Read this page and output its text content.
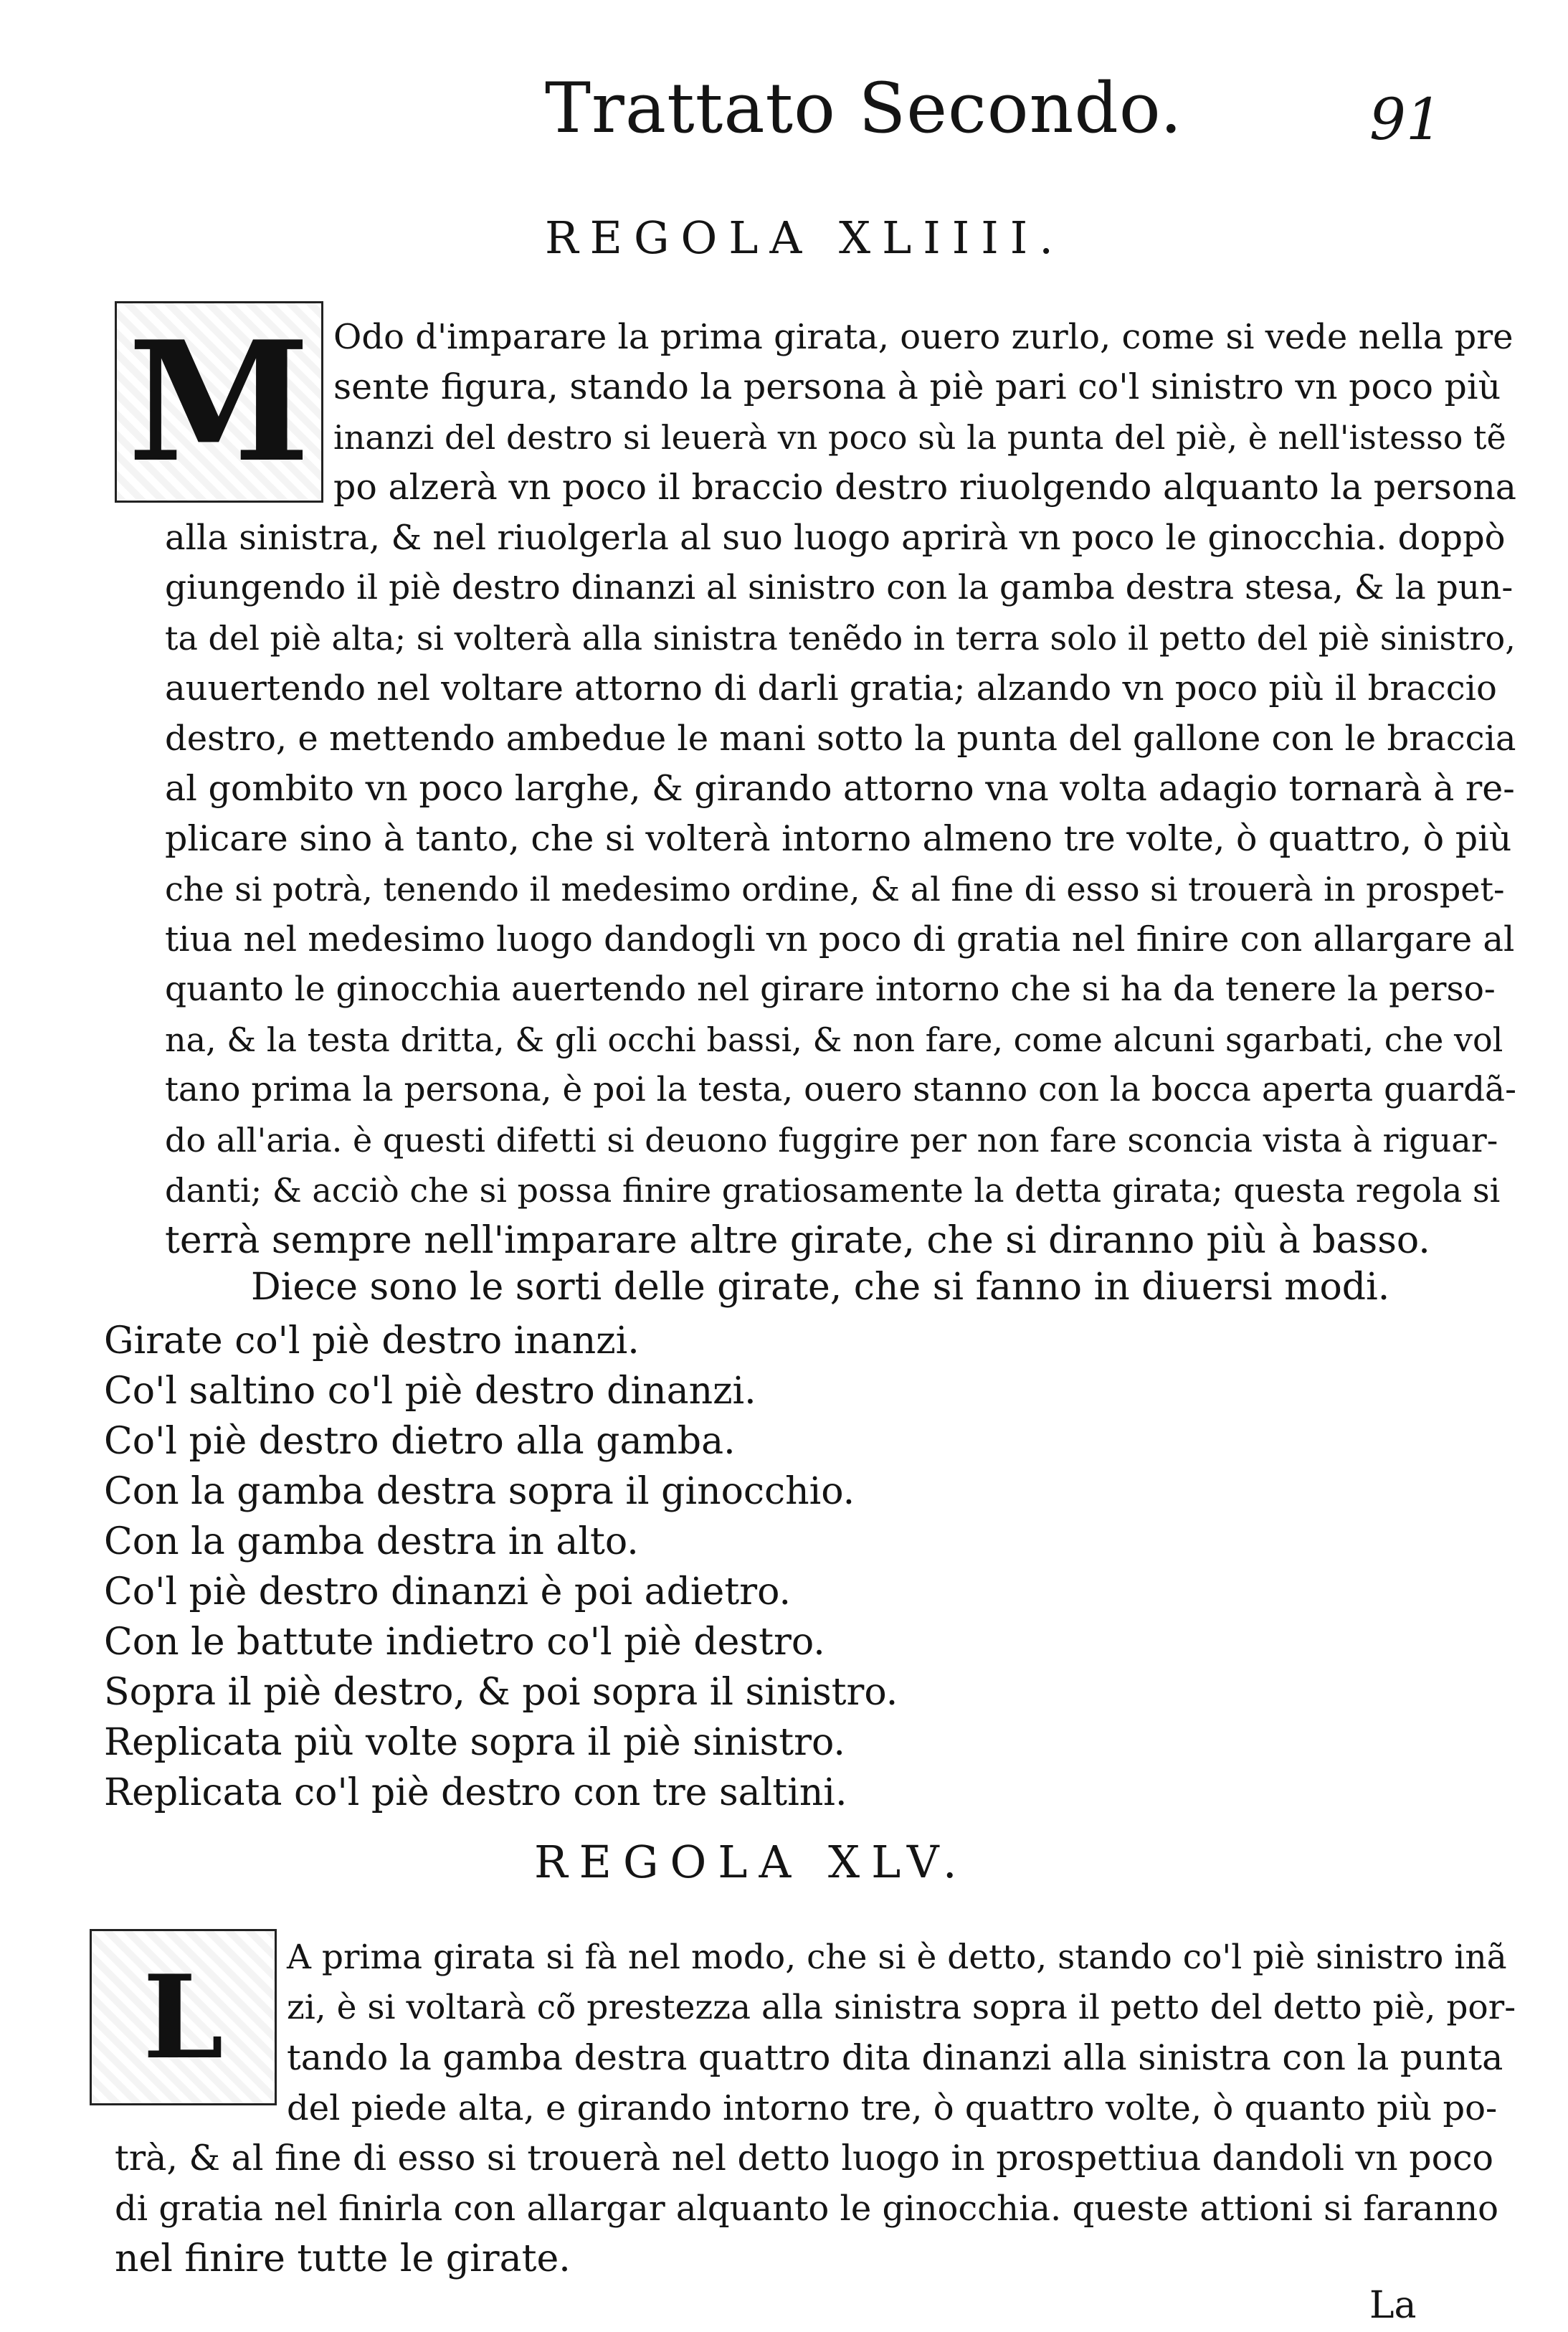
Trattato Secondo.	91
REGOLA XLIIII.
M Odo d'imparare la prima girata, ouero zurlo, come si vede nella pre
sente figura, stando la persona à piè pari co'l sinistro vn poco più
inanzi del destro si leuerà vn poco sù la punta del piè, è nell'istesso tẽ
po alzerà vn poco il braccio destro riuolgendo alquanto la persona
alla sinistra, & nel riuolgerla al suo luogo aprirà vn poco le ginocchia. doppò
giungendo il piè destro dinanzi al sinistro con la gamba destra stesa, & la pun-
ta del piè alta; si volterà alla sinistra tenẽdo in terra solo il petto del piè sinistro,
auuertendo nel voltare attorno di darli gratia; alzando vn poco più il braccio
destro, e mettendo ambedue le mani sotto la punta del gallone con le braccia
al gombito vn poco larghe, & girando attorno vna volta adagio tornarà à re-
plicare sino à tanto, che si volterà intorno almeno tre volte, ò quattro, ò più
che si potrà, tenendo il medesimo ordine, & al fine di esso si trouerà in prospet-
tiua nel medesimo luogo dandogli vn poco di gratia nel finire con allargare al
quanto le ginocchia auertendo nel girare intorno che si ha da tenere la perso-
na, & la testa dritta, & gli occhi bassi, & non fare, come alcuni sgarbati, che vol
tano prima la persona, è poi la testa, ouero stanno con la bocca aperta guardã-
do all'aria. è questi difetti si deuono fuggire per non fare sconcia vista à riguar-
danti; & acciò che si possa finire gratiosamente la detta girata; questa regola si
terrà sempre nell'imparare altre girate, che si diranno più à basso.
Diece sono le sorti delle girate, che si fanno in diuersi modi.
Girate co'l piè destro inanzi.
Co'l saltino co'l piè destro dinanzi.
Co'l piè destro dietro alla gamba.
Con la gamba destra sopra il ginocchio.
Con la gamba destra in alto.
Co'l piè destro dinanzi è poi adietro.
Con le battute indietro co'l piè destro.
Sopra il piè destro, & poi sopra il sinistro.
Replicata più volte sopra il piè sinistro.
Replicata co'l piè destro con tre saltini.
REGOLA XLV.
L A prima girata si fà nel modo, che si è detto, stando co'l piè sinistro inã
zi, è si voltarà cõ prestezza alla sinistra sopra il petto del detto piè, por-
tando la gamba destra quattro dita dinanzi alla sinistra con la punta
del piede alta, e girando intorno tre, ò quattro volte, ò quanto più po-
trà, & al fine di esso si trouerà nel detto luogo in prospettiua dandoli vn poco
di gratia nel finirla con allargar alquanto le ginocchia. queste attioni si faranno
nel finire tutte le girate.
La
